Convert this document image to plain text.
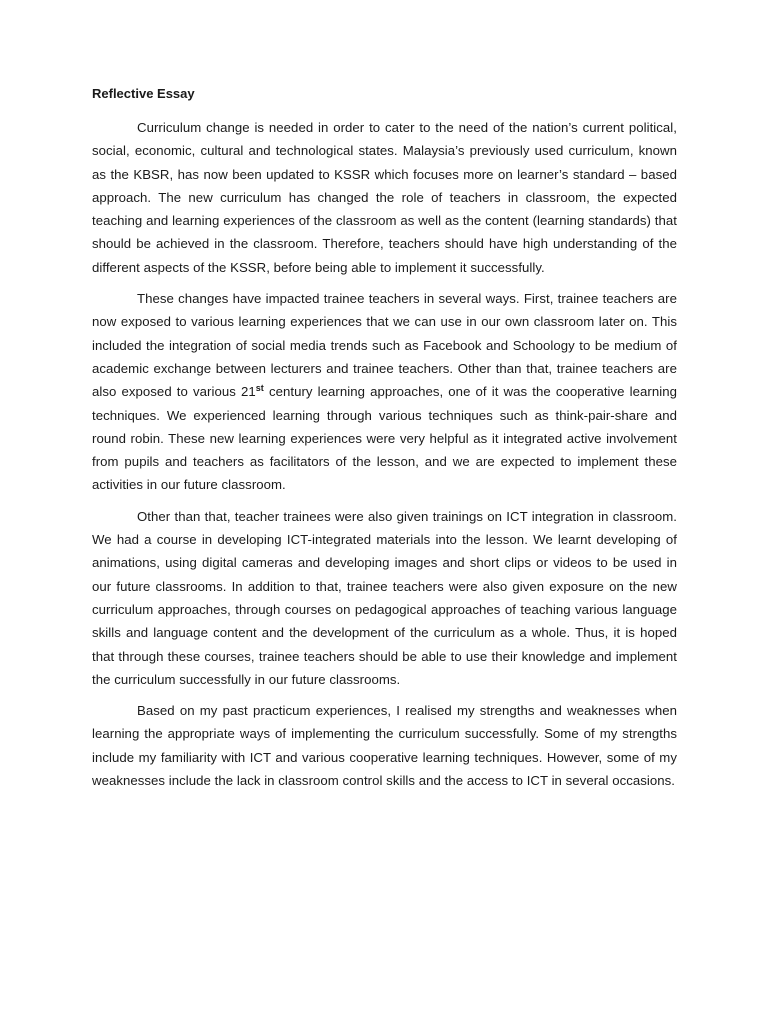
Reflective Essay

Curriculum change is needed in order to cater to the need of the nation’s current political, social, economic, cultural and technological states. Malaysia’s previously used curriculum, known as the KBSR, has now been updated to KSSR which focuses more on learner’s standard – based approach. The new curriculum has changed the role of teachers in classroom, the expected teaching and learning experiences of the classroom as well as the content (learning standards) that should be achieved in the classroom. Therefore, teachers should have high understanding of the different aspects of the KSSR, before being able to implement it successfully.

These changes have impacted trainee teachers in several ways. First, trainee teachers are now exposed to various learning experiences that we can use in our own classroom later on. This included the integration of social media trends such as Facebook and Schoology to be medium of academic exchange between lecturers and trainee teachers. Other than that, trainee teachers are also exposed to various 21st century learning approaches, one of it was the cooperative learning techniques. We experienced learning through various techniques such as think-pair-share and round robin. These new learning experiences were very helpful as it integrated active involvement from pupils and teachers as facilitators of the lesson, and we are expected to implement these activities in our future classroom.

Other than that, teacher trainees were also given trainings on ICT integration in classroom. We had a course in developing ICT-integrated materials into the lesson. We learnt developing of animations, using digital cameras and developing images and short clips or videos to be used in our future classrooms. In addition to that, trainee teachers were also given exposure on the new curriculum approaches, through courses on pedagogical approaches of teaching various language skills and language content and the development of the curriculum as a whole. Thus, it is hoped that through these courses, trainee teachers should be able to use their knowledge and implement the curriculum successfully in our future classrooms.

Based on my past practicum experiences, I realised my strengths and weaknesses when learning the appropriate ways of implementing the curriculum successfully. Some of my strengths include my familiarity with ICT and various cooperative learning techniques. However, some of my weaknesses include the lack in classroom control skills and the access to ICT in several occasions.
